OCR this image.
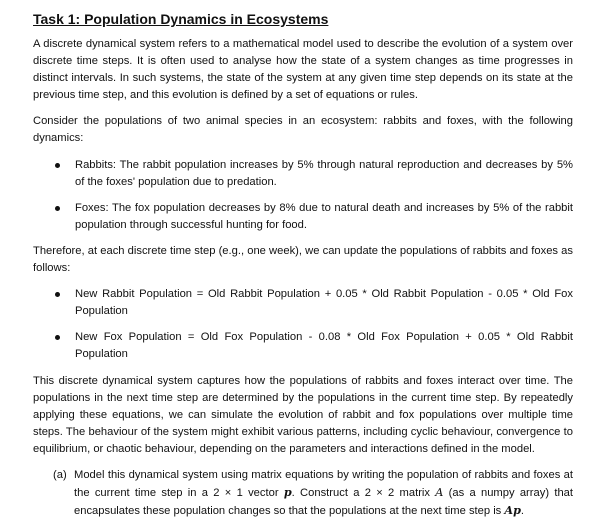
Task 1: Population Dynamics in Ecosystems

A discrete dynamical system refers to a mathematical model used to describe the evolution of a system over discrete time steps. It is often used to analyse how the state of a system changes as time progresses in distinct intervals. In such systems, the state of the system at any given time step depends on its state at the previous time step, and this evolution is defined by a set of equations or rules.

Consider the populations of two animal species in an ecosystem: rabbits and foxes, with the following dynamics:

Rabbits: The rabbit population increases by 5% through natural reproduction and decreases by 5% of the foxes' population due to predation.
Foxes: The fox population decreases by 8% due to natural death and increases by 5% of the rabbit population through successful hunting for food.

Therefore, at each discrete time step (e.g., one week), we can update the populations of rabbits and foxes as follows:

New Rabbit Population = Old Rabbit Population + 0.05 * Old Rabbit Population - 0.05 * Old Fox Population
New Fox Population = Old Fox Population - 0.08 * Old Fox Population + 0.05 * Old Rabbit Population

This discrete dynamical system captures how the populations of rabbits and foxes interact over time. The populations in the next time step are determined by the populations in the current time step. By repeatedly applying these equations, we can simulate the evolution of rabbit and fox populations over multiple time steps. The behaviour of the system might exhibit various patterns, including cyclic behaviour, convergence to equilibrium, or chaotic behaviour, depending on the parameters and interactions defined in the model.

(a) Model this dynamical system using matrix equations by writing the population of rabbits and foxes at the current time step in a 2 × 1 vector p. Construct a 2 × 2 matrix A (as a numpy array) that encapsulates these population changes so that the populations at the next time step is Ap.
